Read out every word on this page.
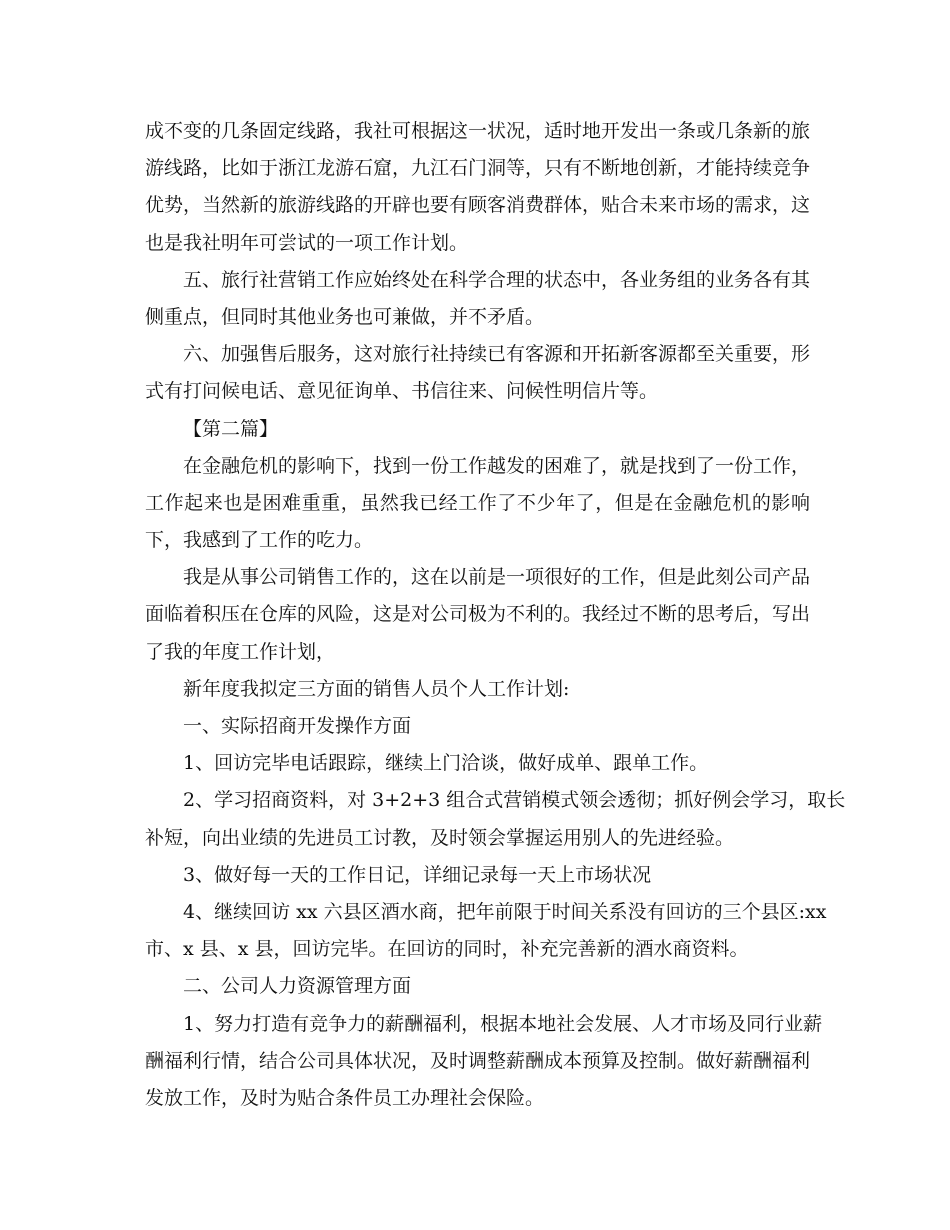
成不变的几条固定线路，我社可根据这一状况，适时地开发出一条或几条新的旅
游线路，比如于浙江龙游石窟，九江石门洞等，只有不断地创新，才能持续竞争
优势，当然新的旅游线路的开辟也要有顾客消费群体，贴合未来市场的需求，这
也是我社明年可尝试的一项工作计划。
五、旅行社营销工作应始终处在科学合理的状态中，各业务组的业务各有其
侧重点，但同时其他业务也可兼做，并不矛盾。
六、加强售后服务，这对旅行社持续已有客源和开拓新客源都至关重要，形
式有打问候电话、意见征询单、书信往来、问候性明信片等。
【第二篇】
在金融危机的影响下，找到一份工作越发的困难了，就是找到了一份工作，
工作起来也是困难重重，虽然我已经工作了不少年了，但是在金融危机的影响
下，我感到了工作的吃力。
我是从事公司销售工作的，这在以前是一项很好的工作，但是此刻公司产品
面临着积压在仓库的风险，这是对公司极为不利的。我经过不断的思考后，写出
了我的年度工作计划，
新年度我拟定三方面的销售人员个人工作计划:
一、实际招商开发操作方面
1、回访完毕电话跟踪，继续上门洽谈，做好成单、跟单工作。
2、学习招商资料，对 3+2+3 组合式营销模式领会透彻；抓好例会学习，取长
补短，向出业绩的先进员工讨教，及时领会掌握运用别人的先进经验。
3、做好每一天的工作日记，详细记录每一天上市场状况
4、继续回访 xx 六县区酒水商，把年前限于时间关系没有回访的三个县区:xx
市、x 县、x 县，回访完毕。在回访的同时，补充完善新的酒水商资料。
二、公司人力资源管理方面
1、努力打造有竞争力的薪酬福利，根据本地社会发展、人才市场及同行业薪
酬福利行情，结合公司具体状况，及时调整薪酬成本预算及控制。做好薪酬福利
发放工作，及时为贴合条件员工办理社会保险。
